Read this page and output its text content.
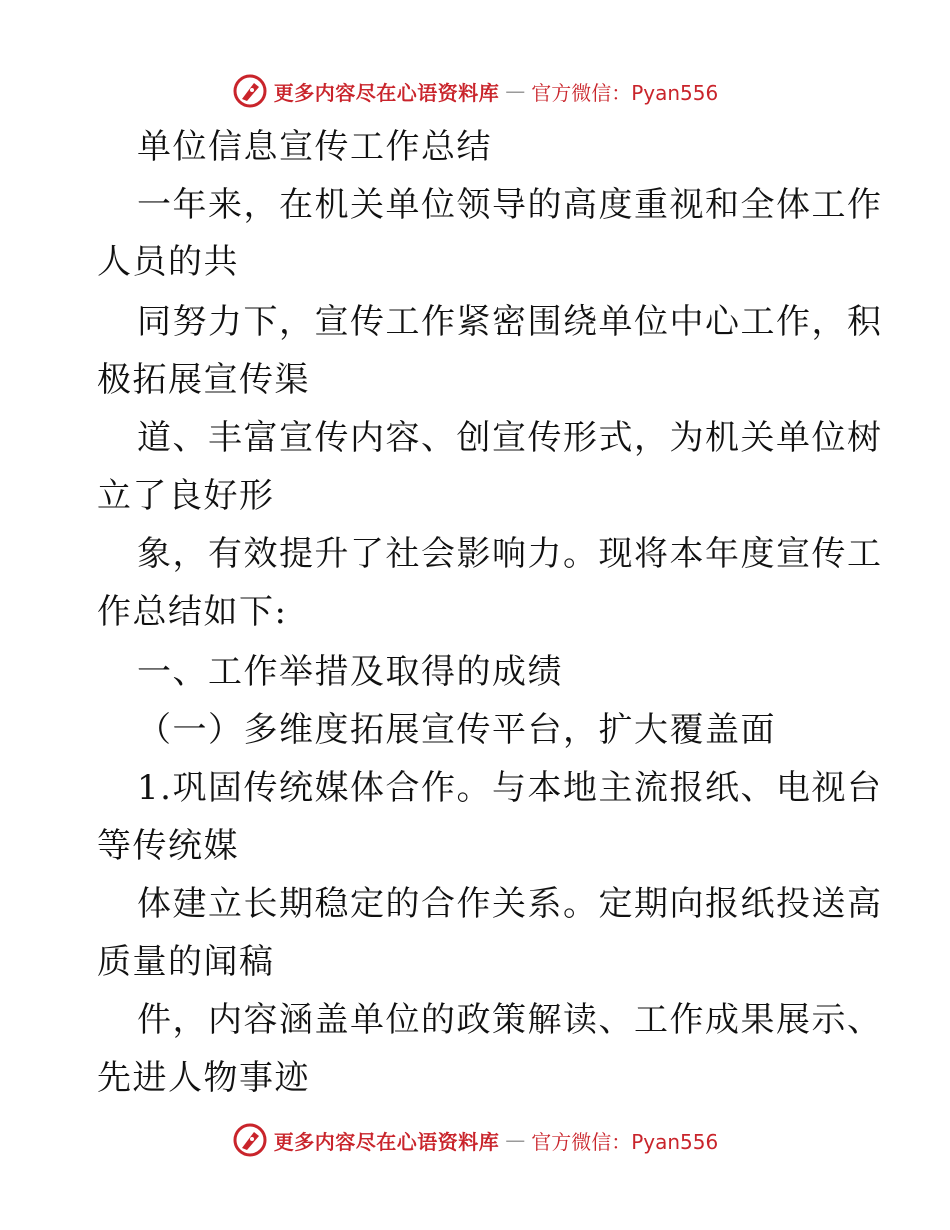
更多内容尽在心语资料库 — 官方微信：Pyan556
单位信息宣传工作总结
一年来，在机关单位领导的高度重视和全体工作
人员的共
同努力下，宣传工作紧密围绕单位中心工作，积
极拓展宣传渠
道、丰富宣传内容、创宣传形式，为机关单位树
立了良好形
象，有效提升了社会影响力。现将本年度宣传工
作总结如下:
一、工作举措及取得的成绩
（一）多维度拓展宣传平台，扩大覆盖面
1.巩固传统媒体合作。与本地主流报纸、电视台
等传统媒
体建立长期稳定的合作关系。定期向报纸投送高
质量的闻稿
件，内容涵盖单位的政策解读、工作成果展示、
先进人物事迹
更多内容尽在心语资料库 — 官方微信：Pyan556
